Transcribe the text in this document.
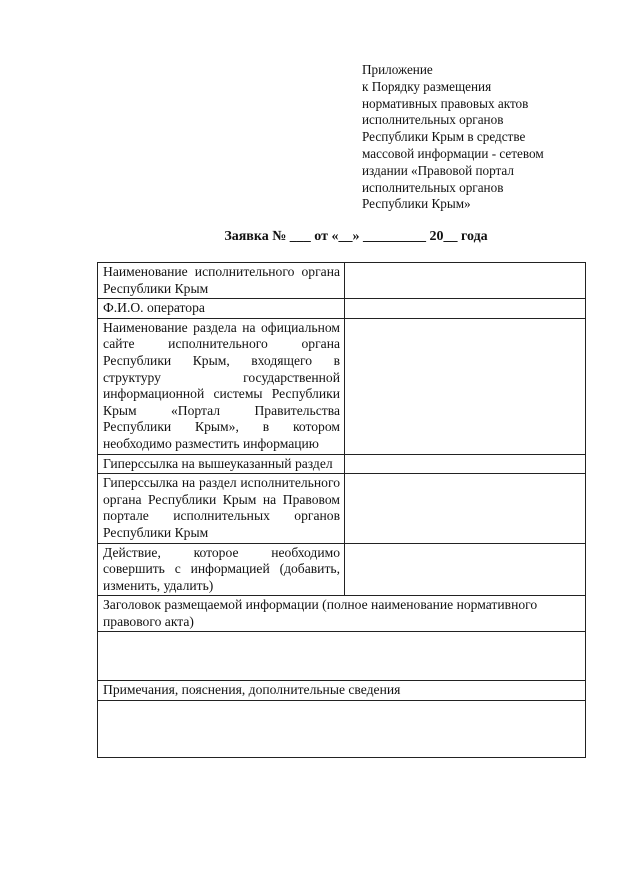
Приложение
к Порядку размещения
нормативных правовых актов
исполнительных органов
Республики Крым в средстве
массовой информации - сетевом
издании «Правовой портал
исполнительных органов
Республики Крым»
Заявка № ___ от «__» _________ 20__ года
Наименование исполнительного органа Республики Крым	
Ф.И.О. оператора	
Наименование раздела на официальном сайте исполнительного органа Республики Крым, входящего в структуру государственной информационной системы Республики Крым «Портал Правительства Республики Крым», в котором необходимо разместить информацию	
Гиперссылка на вышеуказанный раздел	
Гиперссылка на раздел исполнительного органа Республики Крым на Правовом портале исполнительных органов Республики Крым	
Действие, которое необходимо совершить с информацией (добавить, изменить, удалить)	
Заголовок размещаемой информации (полное наименование нормативного правового акта)	

Примечания, пояснения, дополнительные сведения	
